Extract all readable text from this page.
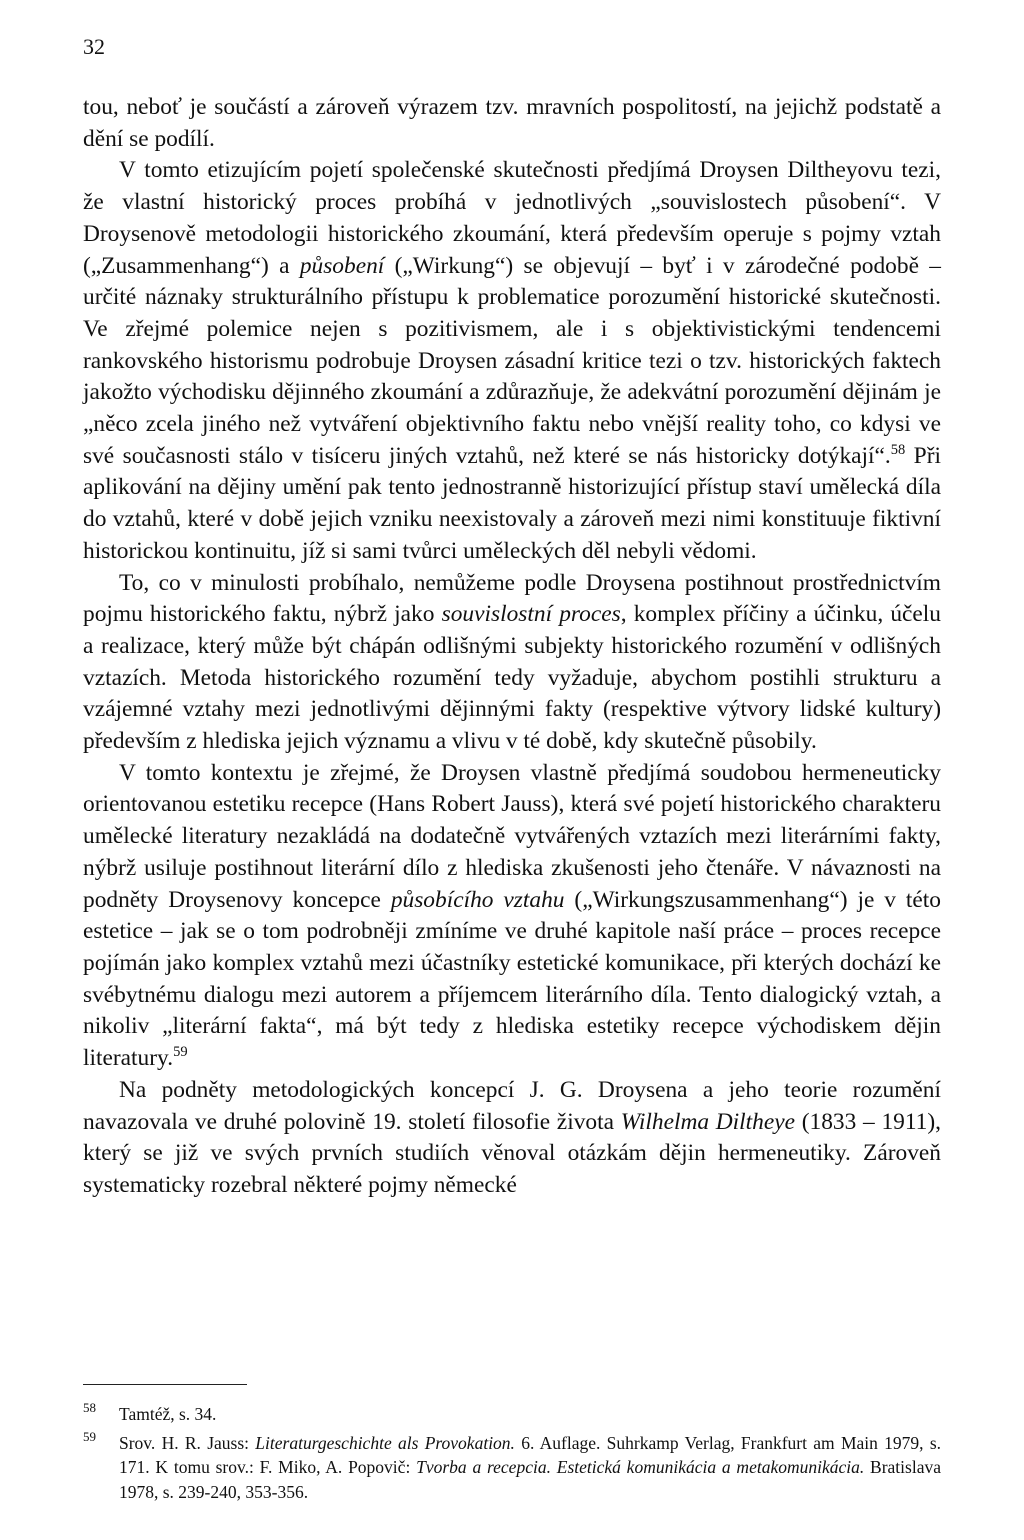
32

tou, neboť je součástí a zároveň výrazem tzv. mravních pospolitostí, na jejichž podstatě a dění se podílí.

V tomto etizujícím pojetí společenské skutečnosti předjímá Droysen Diltheyovu tezi, že vlastní historický proces probíhá v jednotlivých „souvislostech působení“. V Droysenově metodologii historického zkoumání, která především operuje s pojmy vztah („Zusammenhang“) a působení („Wirkung“) se objevují – byť i v zárodečné podobě – určité náznaky strukturálního přístupu k problematice porozumění historické skutečnosti. Ve zřejmé polemice nejen s pozitivismem, ale i s objektivistickými tendencemi rankovského historismu podrobuje Droysen zásadní kritice tezi o tzv. historických faktech jakožto východisku dějinného zkoumání a zdůrazňuje, že adekvátní porozumění dějinám je „něco zcela jiného než vytváření objektivního faktu nebo vnější reality toho, co kdysi ve své současnosti stálo v tisíceru jiných vztahů, než které se nás historicky dotýkají“.$^{58}$ Při aplikování na dějiny umění pak tento jednostranně historizující přístup staví umělecká díla do vztahů, které v době jejich vzniku neexistovaly a zároveň mezi nimi konstituuje fiktivní historickou kontinuitu, jíž si sami tvůrci uměleckých děl nebyli vědomi.

To, co v minulosti probíhalo, nemůžeme podle Droysena postihnout prostřednictvím pojmu historického faktu, nýbrž jako souvislostní proces, komplex příčiny a účinku, účelu a realizace, který může být chápán odlišnými subjekty historického rozumění v odlišných vztazích. Metoda historického rozumění tedy vyžaduje, abychom postihli strukturu a vzájemné vztahy mezi jednotlivými dějinnými fakty (respektive výtvory lidské kultury) především z hlediska jejich významu a vlivu v té době, kdy skutečně působily.

V tomto kontextu je zřejmé, že Droysen vlastně předjímá soudobou hermeneuticky orientovanou estetiku recepce (Hans Robert Jauss), která své pojetí historického charakteru umělecké literatury nezakládá na dodatečně vytvářených vztazích mezi literárními fakty, nýbrž usiluje postihnout literární dílo z hlediska zkušenosti jeho čtenáře. V návaznosti na podněty Droysenovy koncepce působícího vztahu („Wirkungszusammenhang“) je v této estetice – jak se o tom podrobněji zmíníme ve druhé kapitole naší práce – proces recepce pojímán jako komplex vztahů mezi účastníky estetické komunikace, při kterých dochází ke svébytnému dialogu mezi autorem a příjemcem literárního díla. Tento dialogický vztah, a nikoliv „literární fakta“, má být tedy z hlediska estetiky recepce východiskem dějin literatury.$^{59}$

Na podněty metodologických koncepcí J. G. Droysena a jeho teorie rozumění navazovala ve druhé polovině 19. století filosofie života Wilhelma Diltheye (1833 – 1911), který se již ve svých prvních studiích věnoval otázkám dějin hermeneutiky. Zároveň systematicky rozebral některé pojmy německé

58 Tamtéž, s. 34.
59 Srov. H. R. Jauss: Literaturgeschichte als Provokation. 6. Auflage. Suhrkamp Verlag, Frankfurt am Main 1979, s. 171. K tomu srov.: F. Miko, A. Popovič: Tvorba a recepcia. Estetická komunikácia a metakomunikácia. Bratislava 1978, s. 239-240, 353-356.
